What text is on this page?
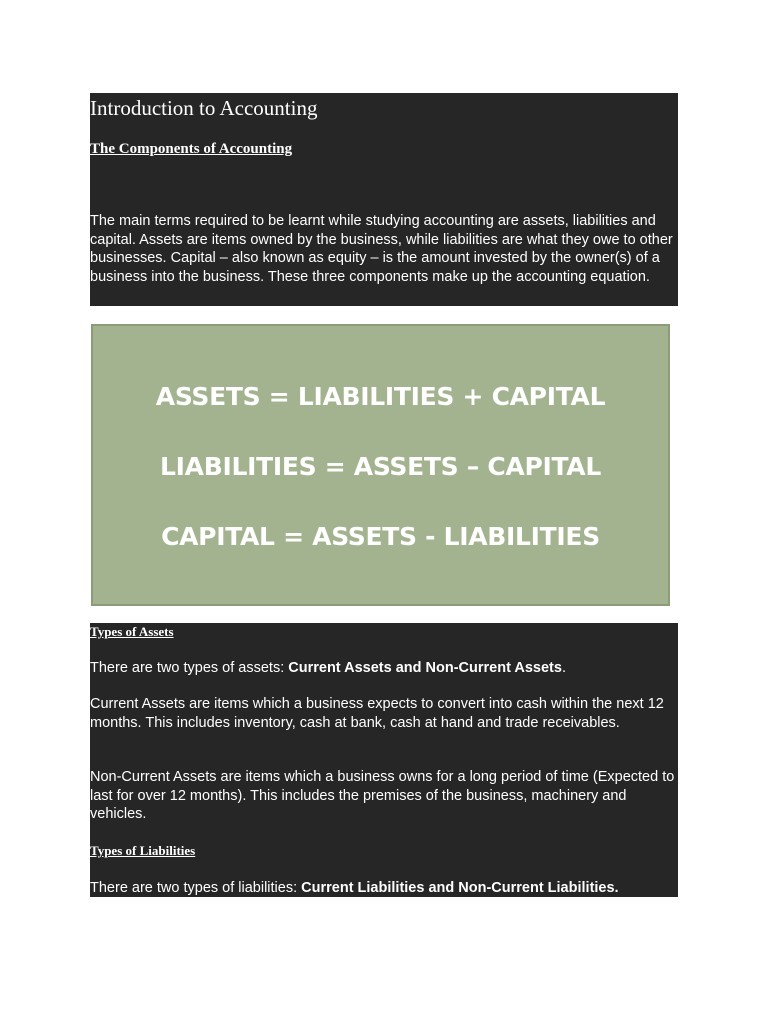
Introduction to Accounting
The Components of Accounting

The main terms required to be learnt while studying accounting are assets, liabilities and capital. Assets are items owned by the business, while liabilities are what they owe to other businesses. Capital – also known as equity – is the amount invested by the owner(s) of a business into the business. These three components make up the accounting equation.

ASSETS = LIABILITIES + CAPITAL
LIABILITIES = ASSETS – CAPITAL
CAPITAL = ASSETS - LIABILITIES
Types of Assets

There are two types of assets: Current Assets and Non-Current Assets.

Current Assets are items which a business expects to convert into cash within the next 12 months. This includes inventory, cash at bank, cash at hand and trade receivables.

Non-Current Assets are items which a business owns for a long period of time (Expected to last for over 12 months). This includes the premises of the business, machinery and vehicles.

Types of Liabilities

There are two types of liabilities: Current Liabilities and Non-Current Liabilities.
